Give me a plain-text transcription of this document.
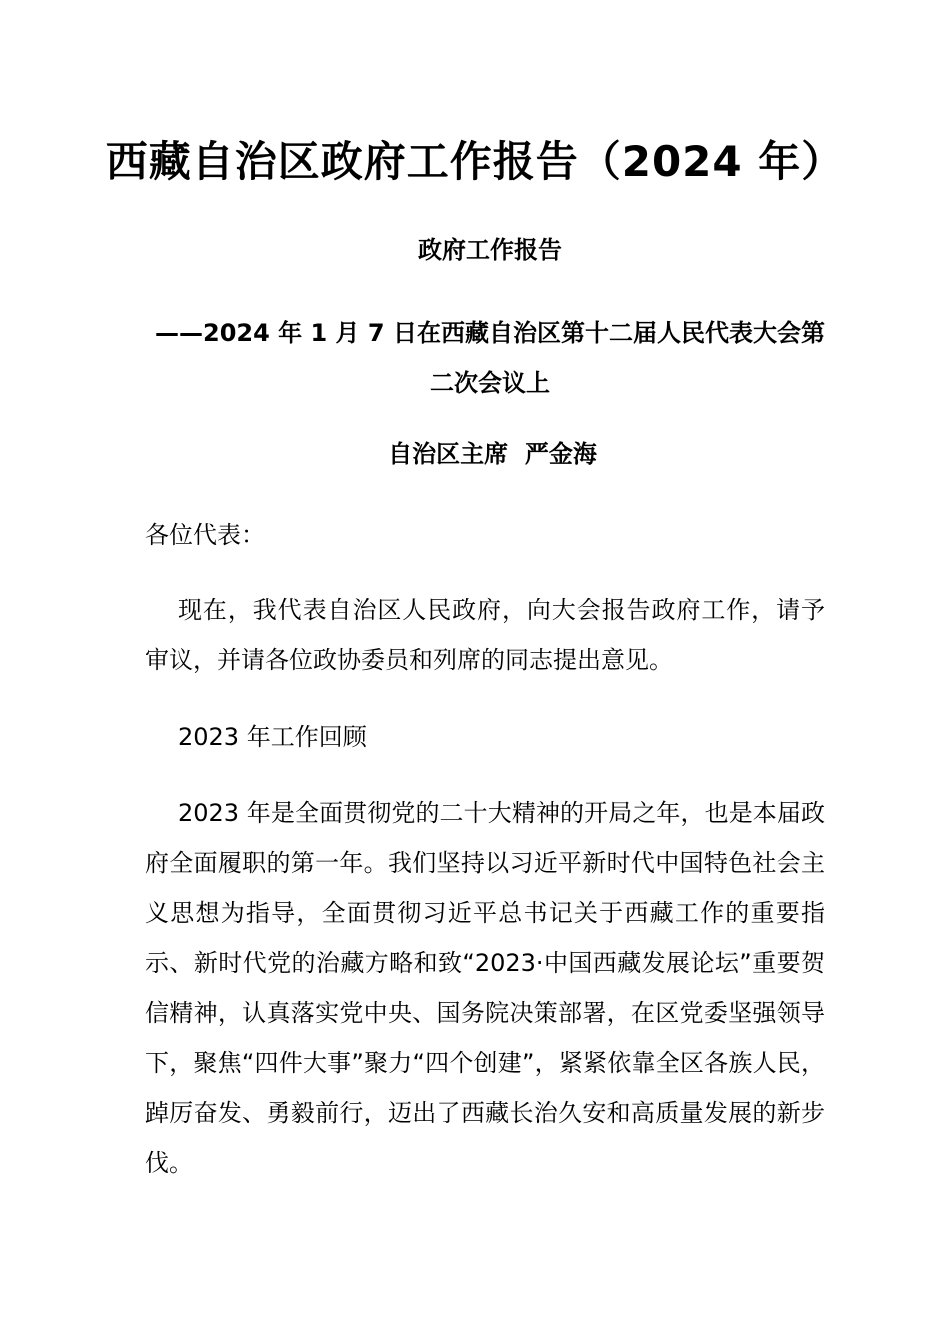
西藏自治区政府工作报告（2024 年）
政府工作报告
——2024 年 1 月 7 日在西藏自治区第十二届人民代表大会第二次会议上
自治区主席  严金海
各位代表：
现在，我代表自治区人民政府，向大会报告政府工作，请予审议，并请各位政协委员和列席的同志提出意见。
2023 年工作回顾
2023 年是全面贯彻党的二十大精神的开局之年，也是本届政府全面履职的第一年。我们坚持以习近平新时代中国特色社会主义思想为指导，全面贯彻习近平总书记关于西藏工作的重要指示、新时代党的治藏方略和致“2023·中国西藏发展论坛”重要贺信精神，认真落实党中央、国务院决策部署，在区党委坚强领导下，聚焦“四件大事”聚力“四个创建”，紧紧依靠全区各族人民，踔厉奋发、勇毅前行，迈出了西藏长治久安和高质量发展的新步伐。
